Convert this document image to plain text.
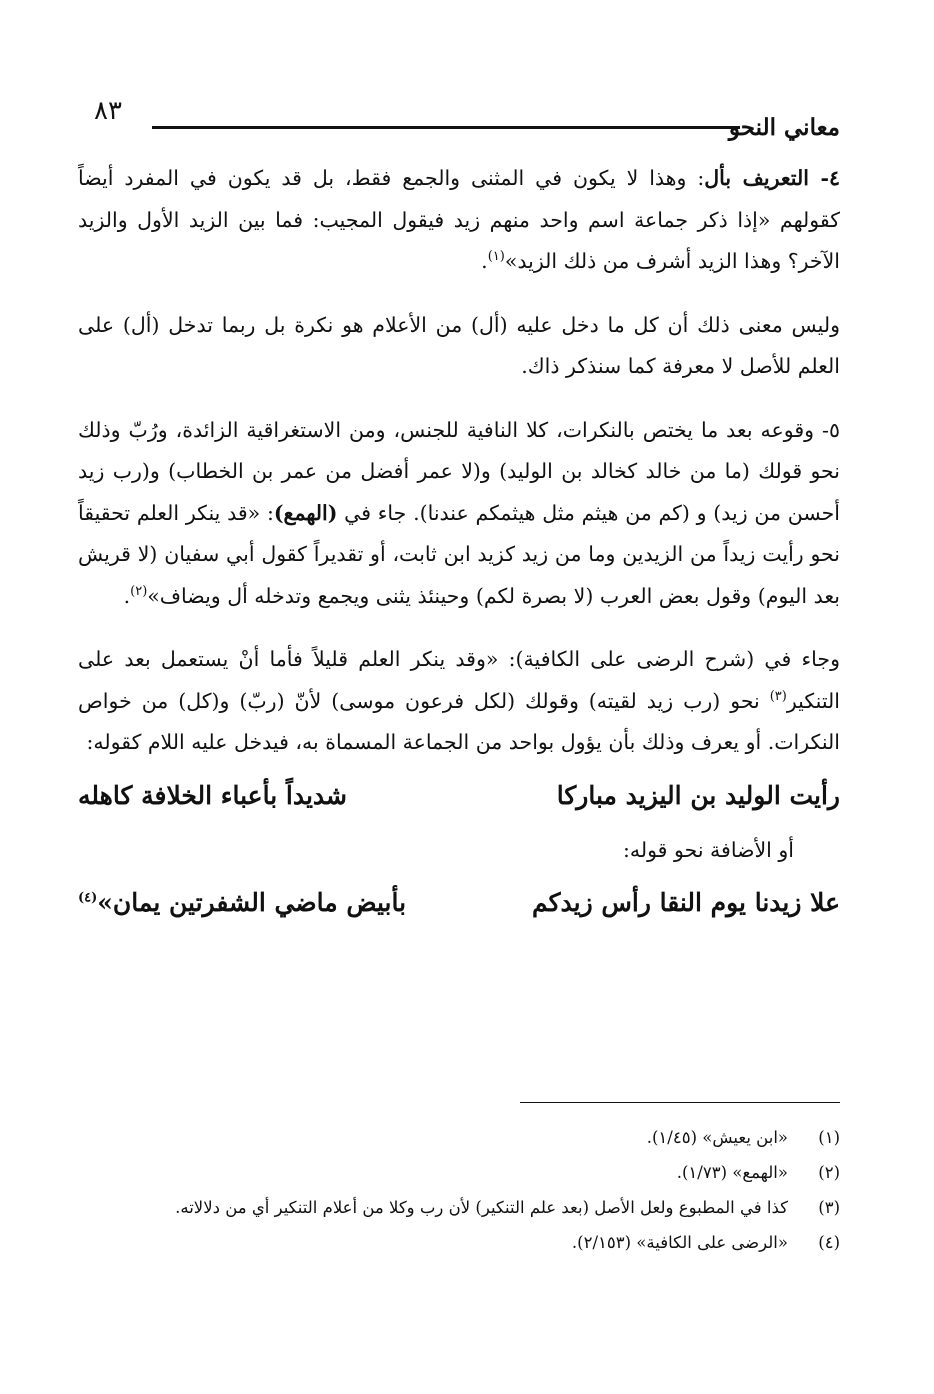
٨٣
معاني النحو

٤- التعريف بأل: وهذا لا يكون في المثنى والجمع فقط، بل قد يكون في المفرد أيضاً كقولهم «إذا ذكر جماعة اسم واحد منهم زيد فيقول المجيب: فما بين الزيد الأول والزيد الآخر؟ وهذا الزيد أشرف من ذلك الزيد»$^{(١)}$.

وليس معنى ذلك أن كل ما دخل عليه (أل) من الأعلام هو نكرة بل ربما تدخل (أل) على العلم للأصل لا معرفة كما سنذكر ذاك.

٥- وقوعه بعد ما يختص بالنكرات، كلا النافية للجنس، ومن الاستغراقية الزائدة، ورُبّ وذلك نحو قولك (ما من خالد كخالد بن الوليد) و(لا عمر أفضل من عمر بن الخطاب) و(رب زيد أحسن من زيد) و (كم من هيثم مثل هيثمكم عندنا). جاء في (الهمع): «قد ينكر العلم تحقيقاً نحو رأيت زيداً من الزيدين وما من زيد كزيد ابن ثابت، أو تقديراً كقول أبي سفيان (لا قريش بعد اليوم) وقول بعض العرب (لا بصرة لكم) وحينئذ يثنى ويجمع وتدخله أل ويضاف»$^{(٢)}$.

وجاء في (شرح الرضى على الكافية): «وقد ينكر العلم قليلاً فأما أنْ يستعمل بعد على التنكير$^{(٣)}$ نحو (رب زيد لقيته) وقولك (لكل فرعون موسى) لأنّ (ربّ) و(كل) من خواص النكرات. أو يعرف وذلك بأن يؤول بواحد من الجماعة المسماة به، فيدخل عليه اللام كقوله:

رأيت الوليد بن اليزيد مباركا
شديداً بأعباء الخلافة كاهله

أو الأضافة نحو قوله:

علا زيدنا يوم النقا رأس زيدكم
بأبيض ماضي الشفرتين يمان»$^{(٤)}$
(١)
«ابن يعيش» (١/٤٥).
(٢)
«الهمع» (١/٧٣).
(٣)
كذا في المطبوع ولعل الأصل (بعد علم التنكير) لأن رب وكلا من أعلام التنكير أي من دلالاته.
(٤)
«الرضى على الكافية» (٢/١٥٣).
